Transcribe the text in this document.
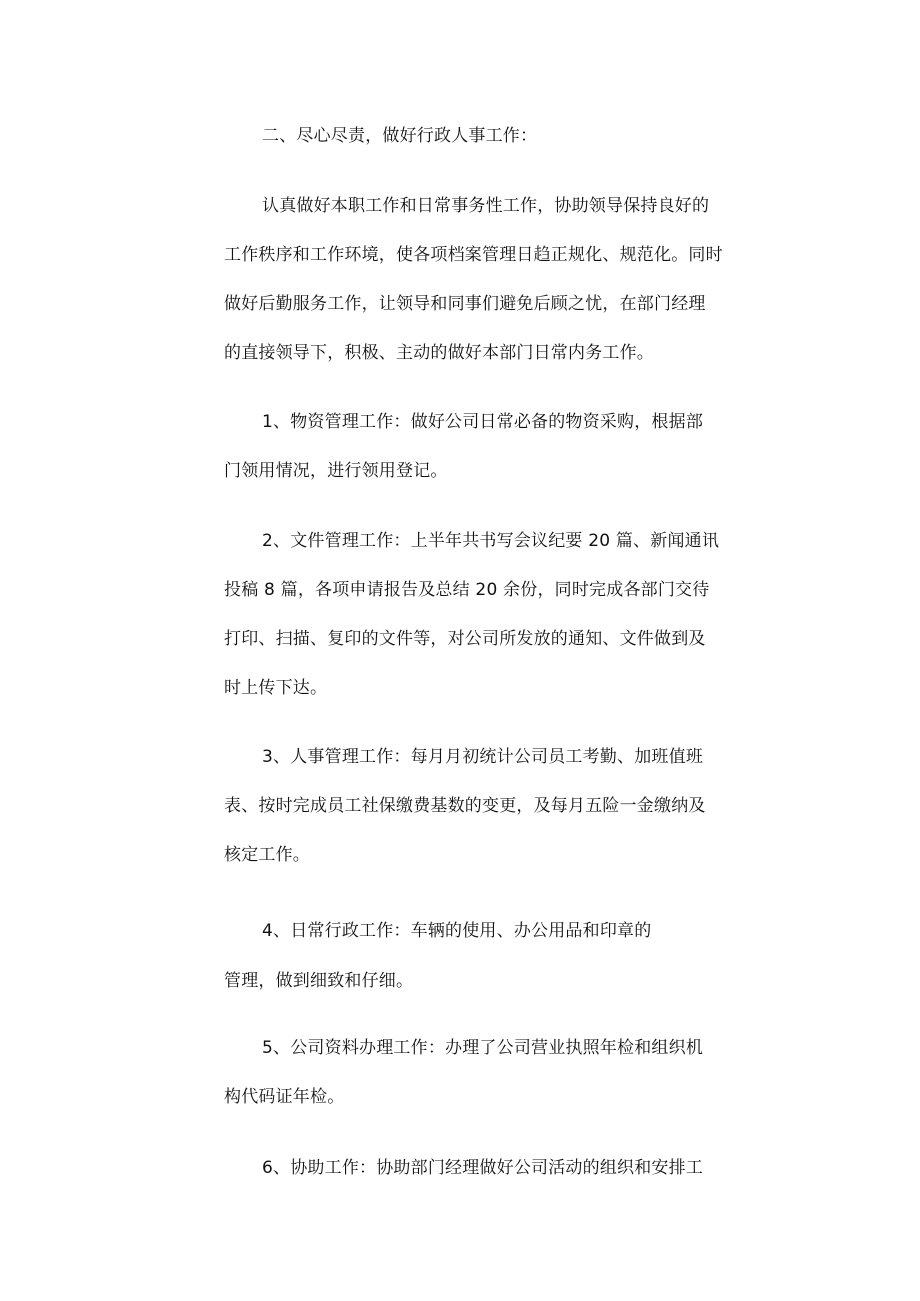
二、尽心尽责，做好行政人事工作：
认真做好本职工作和日常事务性工作，协助领导保持良好的
工作秩序和工作环境，使各项档案管理日趋正规化、规范化。同时
做好后勤服务工作，让领导和同事们避免后顾之忧，在部门经理
的直接领导下，积极、主动的做好本部门日常内务工作。
1、物资管理工作：做好公司日常必备的物资采购，根据部
门领用情况，进行领用登记。
2、文件管理工作：上半年共书写会议纪要 20 篇、新闻通讯
投稿 8 篇，各项申请报告及总结 20 余份，同时完成各部门交待
打印、扫描、复印的文件等，对公司所发放的通知、文件做到及
时上传下达。
3、人事管理工作：每月月初统计公司员工考勤、加班值班
表、按时完成员工社保缴费基数的变更，及每月五险一金缴纳及
核定工作。
4、日常行政工作：车辆的使用、办公用品和印章的
管理，做到细致和仔细。
5、公司资料办理工作：办理了公司营业执照年检和组织机
构代码证年检。
6、协助工作：协助部门经理做好公司活动的组织和安排工
